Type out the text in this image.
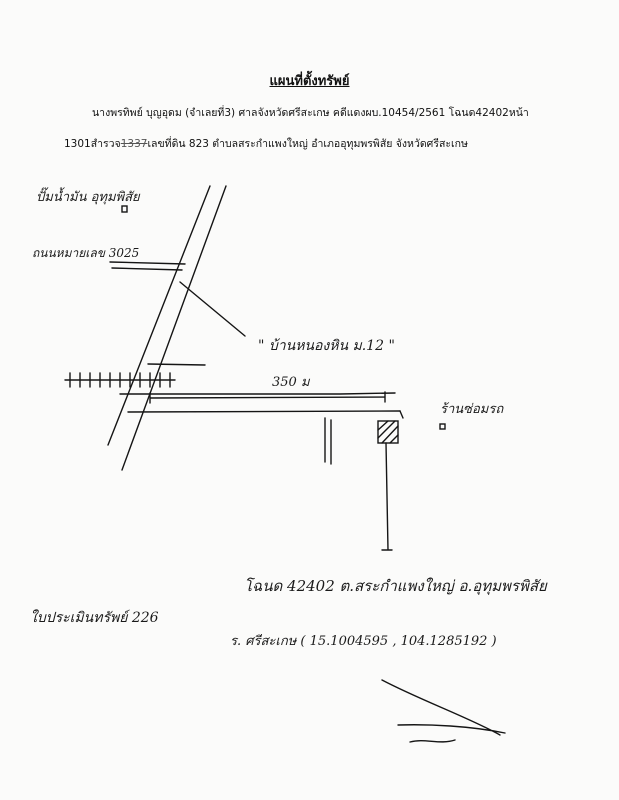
แผนที่ตั้งทรัพย์
นางพรทิพย์ บุญอุดม (จำเลยที่3) ศาลจังหวัดศรีสะเกษ คดีแดงผบ.10454/2561 โฉนด42402หน้า
1301สำรวจ1337เลขที่ดิน 823 ตำบลสระกำแพงใหญ่ อำเภออุทุมพรพิสัย จังหวัดศรีสะเกษ
ปั๊มน้ำมัน อุทุมพิสัย
ถนนหมายเลข 3025
" บ้านหนองหิน ม.12 "
350 ม
ร้านซ่อมรถ
โฉนด 42402 ต.สระกำแพงใหญ่ อ.อุทุมพรพิสัย
ใบประเมินทรัพย์ 226
ร. ศรีสะเกษ ( 15.1004595 , 104.1285192 )
